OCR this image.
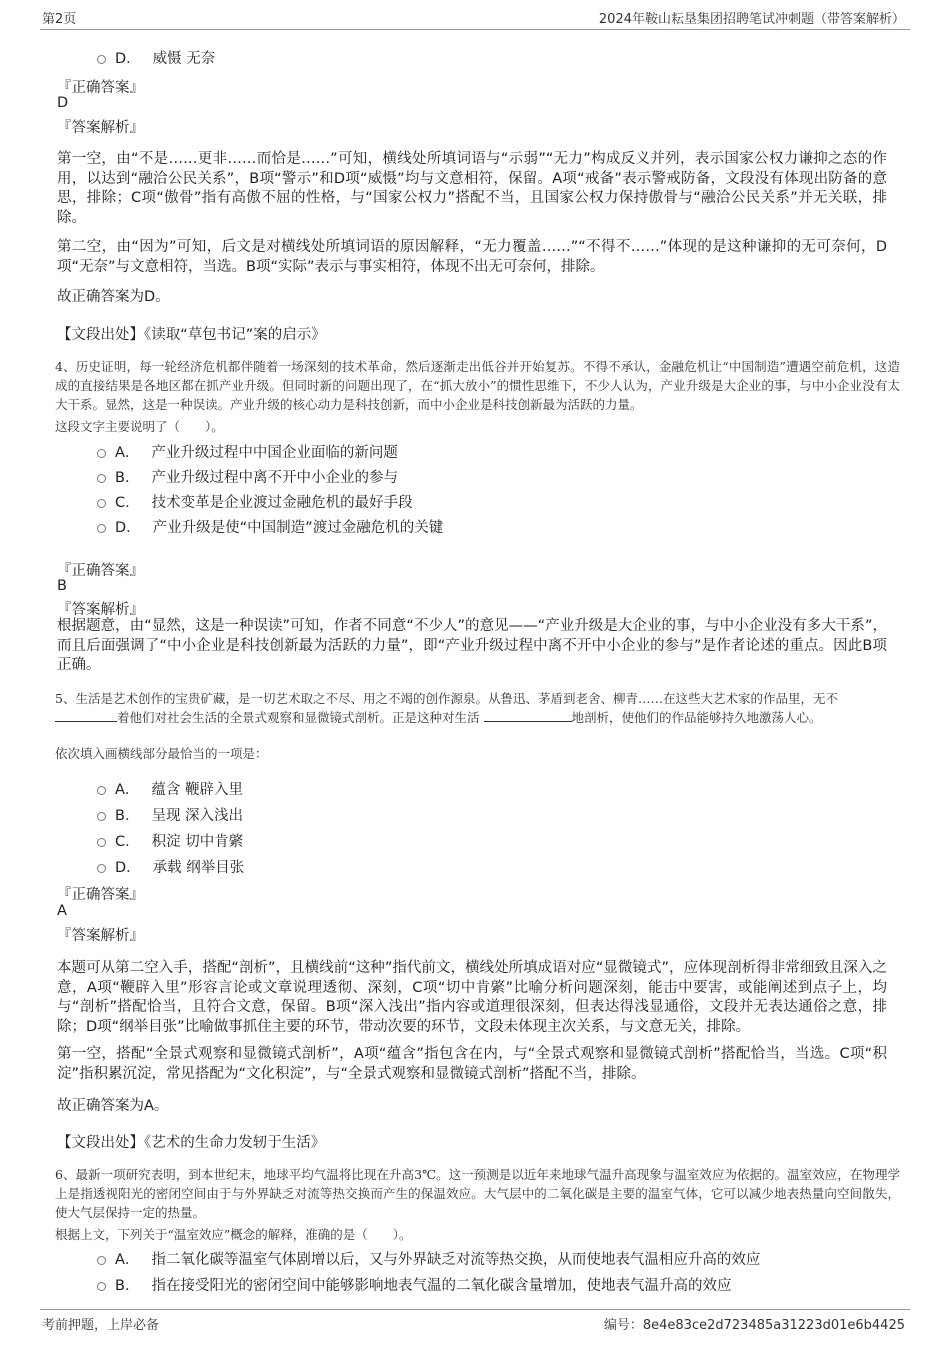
第2页	2024年鞍山耘垦集团招聘笔试冲刺题（带答案解析）
D． 威慑 无奈
『正确答案』
D
『答案解析』
第一空，由“不是……更非……而恰是……”可知，横线处所填词语与“示弱”“无力”构成反义并列，表示国家公权力谦抑之态的作用，以达到“融洽公民关系”，B项“警示”和D项“威慑”均与文意相符，保留。A项“戒备”表示警戒防备，文段没有体现出防备的意思，排除；C项“傲骨”指有高傲不屈的性格，与“国家公权力”搭配不当，且国家公权力保持傲骨与“融洽公民关系”并无关联，排除。
第二空，由“因为”可知，后文是对横线处所填词语的原因解释，“无力覆盖……”“不得不……”体现的是这种谦抑的无可奈何，D项“无奈”与文意相符，当选。B项“实际”表示与事实相符，体现不出无可奈何，排除。
故正确答案为D。
【文段出处】《读取“草包书记”案的启示》
4、历史证明，每一轮经济危机都伴随着一场深刻的技术革命，然后逐渐走出低谷并开始复苏。不得不承认，金融危机让“中国制造”遭遇空前危机，这造成的直接结果是各地区都在抓产业升级。但同时新的问题出现了，在“抓大放小”的惯性思维下，不少人认为，产业升级是大企业的事，与中小企业没有太大干系。显然，这是一种误读。产业升级的核心动力是科技创新，而中小企业是科技创新最为活跃的力量。
这段文字主要说明了（　　）。
A． 产业升级过程中中国企业面临的新问题
B． 产业升级过程中离不开中小企业的参与
C． 技术变革是企业渡过金融危机的最好手段
D． 产业升级是使“中国制造”渡过金融危机的关键
『正确答案』
B
『答案解析』
根据题意，由“显然，这是一种误读”可知，作者不同意“不少人”的意见——“产业升级是大企业的事，与中小企业没有多大干系”，而且后面强调了“中小企业是科技创新最为活跃的力量”，即“产业升级过程中离不开中小企业的参与”是作者论述的重点。因此B项正确。
5、生活是艺术创作的宝贵矿藏，是一切艺术取之不尽、用之不竭的创作源泉。从鲁迅、茅盾到老舍、柳青……在这些大艺术家的作品里，无不
着他们对社会生活的全景式观察和显微镜式剖析。正是这种对生活	地剖析，使他们的作品能够持久地激荡人心。
依次填入画横线部分最恰当的一项是：
A． 蕴含 鞭辟入里
B． 呈现 深入浅出
C． 积淀 切中肯綮
D． 承载 纲举目张
『正确答案』
A
『答案解析』
本题可从第二空入手，搭配“剖析”，且横线前“这种”指代前文，横线处所填成语对应“显微镜式”，应体现剖析得非常细致且深入之意，A项“鞭辟入里”形容言论或文章说理透彻、深刻，C项“切中肯綮”比喻分析问题深刻，能击中要害，或能阐述到点子上，均与“剖析”搭配恰当，且符合文意，保留。B项“深入浅出”指内容或道理很深刻，但表达得浅显通俗，文段并无表达通俗之意，排除；D项“纲举目张”比喻做事抓住主要的环节，带动次要的环节，文段未体现主次关系，与文意无关，排除。
第一空，搭配“全景式观察和显微镜式剖析”，A项“蕴含”指包含在内，与“全景式观察和显微镜式剖析”搭配恰当，当选。C项“积淀”指积累沉淀，常见搭配为“文化积淀”，与“全景式观察和显微镜式剖析”搭配不当，排除。
故正确答案为A。
【文段出处】《艺术的生命力发轫于生活》
6、最新一项研究表明，到本世纪末，地球平均气温将比现在升高3℃。这一预测是以近年来地球气温升高现象与温室效应为依据的。温室效应，在物理学上是指透视阳光的密闭空间由于与外界缺乏对流等热交换而产生的保温效应。大气层中的二氧化碳是主要的温室气体，它可以减少地表热量向空间散失，使大气层保持一定的热量。
根据上文，下列关于“温室效应”概念的解释，准确的是（　　）。
A． 指二氧化碳等温室气体剧增以后，又与外界缺乏对流等热交换，从而使地表气温相应升高的效应
B． 指在接受阳光的密闭空间中能够影响地表气温的二氧化碳含量增加，使地表气温升高的效应
考前押题，上岸必备	编号：8e4e83ce2d723485a31223d01e6b4425
